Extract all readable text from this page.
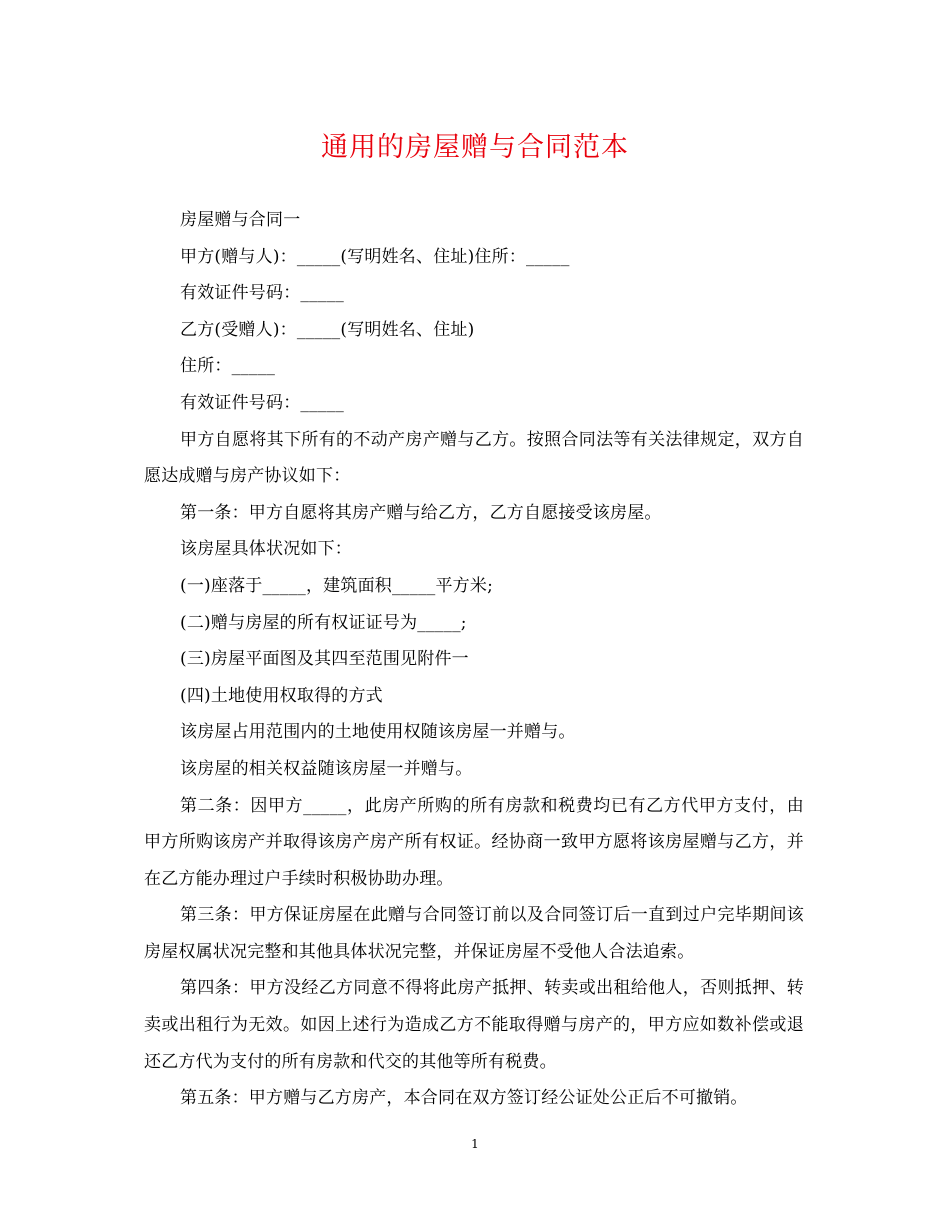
通用的房屋赠与合同范本

房屋赠与合同一

甲方(赠与人)：_____(写明姓名、住址)住所：_____

有效证件号码：_____

乙方(受赠人)：_____(写明姓名、住址)

住所：_____

有效证件号码：_____

甲方自愿将其下所有的不动产房产赠与乙方。按照合同法等有关法律规定，双方自愿达成赠与房产协议如下：

第一条：甲方自愿将其房产赠与给乙方，乙方自愿接受该房屋。

该房屋具体状况如下：

(一)座落于_____，建筑面积_____平方米;

(二)赠与房屋的所有权证证号为_____;

(三)房屋平面图及其四至范围见附件一

(四)土地使用权取得的方式

该房屋占用范围内的土地使用权随该房屋一并赠与。

该房屋的相关权益随该房屋一并赠与。

第二条：因甲方_____，此房产所购的所有房款和税费均已有乙方代甲方支付，由甲方所购该房产并取得该房产房产所有权证。经协商一致甲方愿将该房屋赠与乙方，并在乙方能办理过户手续时积极协助办理。

第三条：甲方保证房屋在此赠与合同签订前以及合同签订后一直到过户完毕期间该房屋权属状况完整和其他具体状况完整，并保证房屋不受他人合法追索。

第四条：甲方没经乙方同意不得将此房产抵押、转卖或出租给他人，否则抵押、转卖或出租行为无效。如因上述行为造成乙方不能取得赠与房产的，甲方应如数补偿或退还乙方代为支付的所有房款和代交的其他等所有税费。

第五条：甲方赠与乙方房产，本合同在双方签订经公证处公正后不可撤销。

1
